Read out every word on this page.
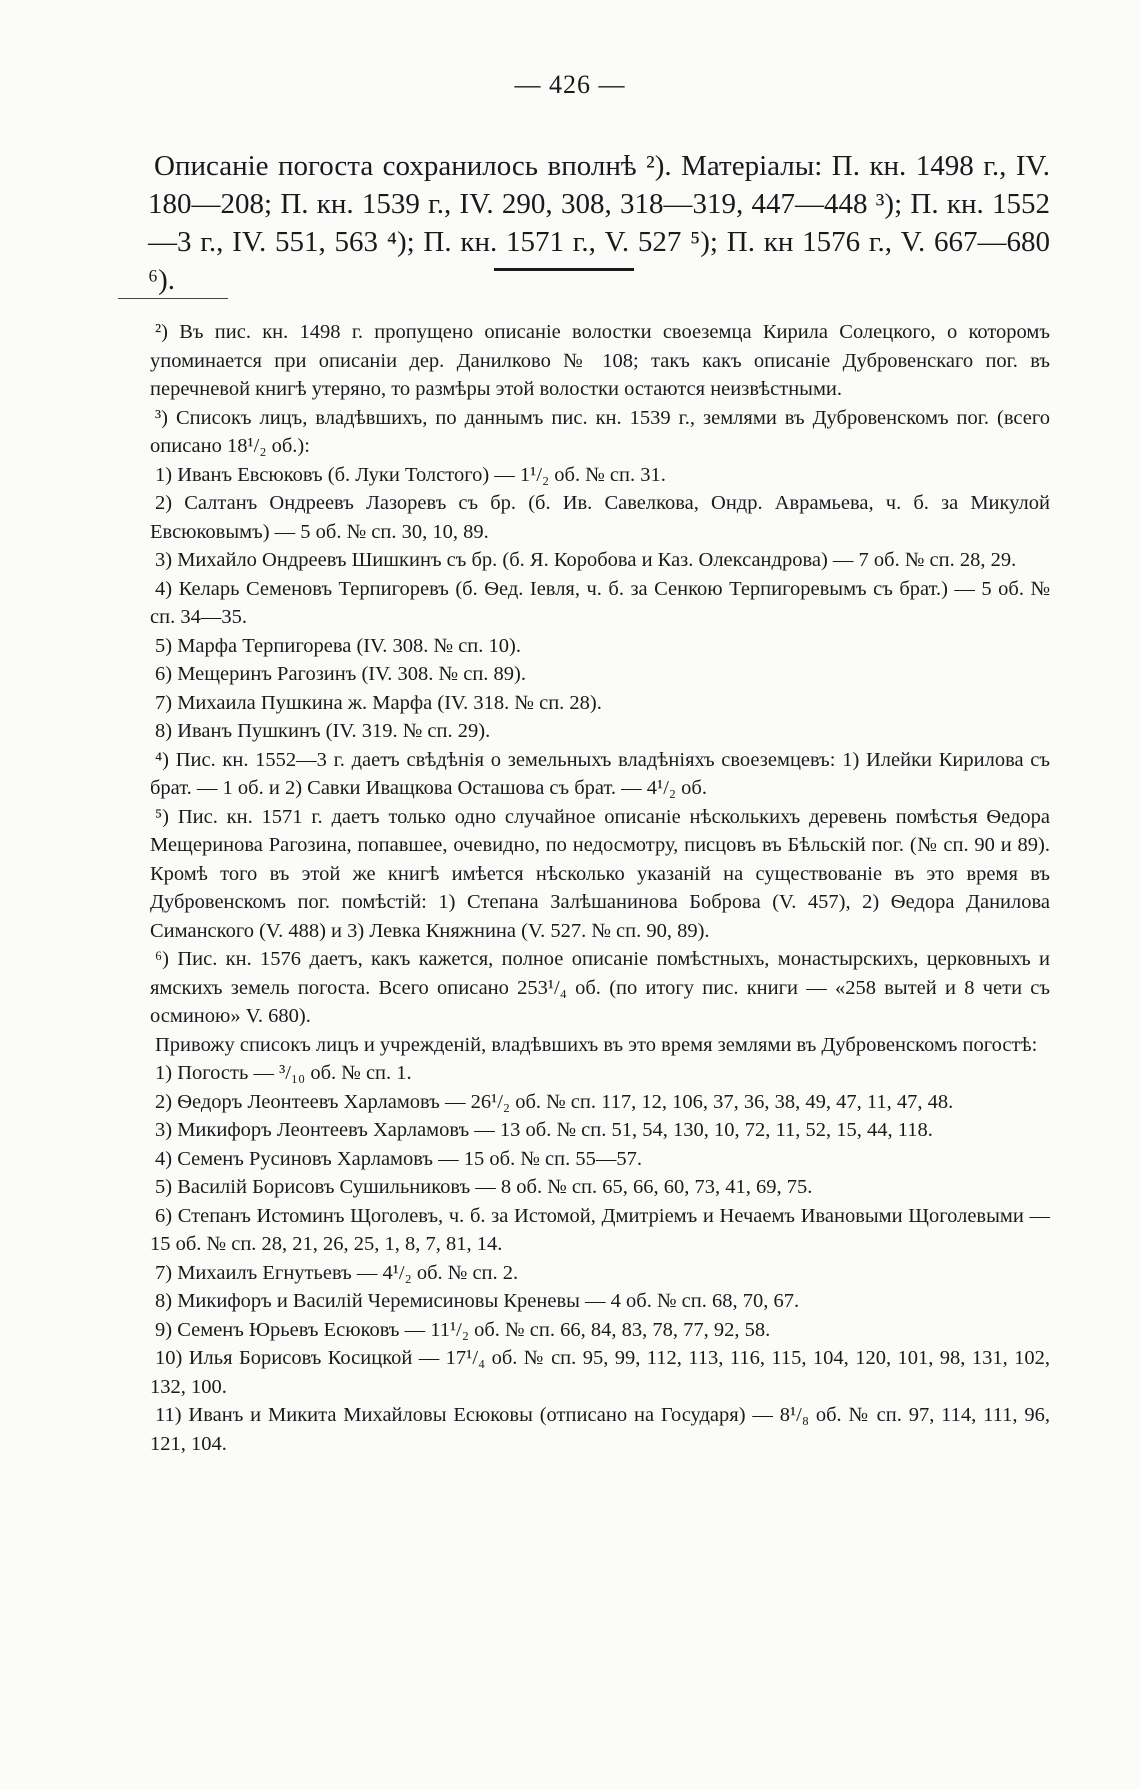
— 426 —

Описаніе погоста сохранилось вполнѣ ²). Матеріалы: П. кн. 1498 г., IV. 180—208; П. кн. 1539 г., IV. 290, 308, 318—319, 447—448 ³); П. кн. 1552—3 г., IV. 551, 563 ⁴); П. кн. 1571 г., V. 527 ⁵); П. кн 1576 г., V. 667—680 ⁶).

²) Въ пис. кн. 1498 г. пропущено описаніе волостки своеземца Кирила Солецкого, о которомъ упоминается при описаніи дер. Данилково № 108; такъ какъ описаніе Дубровенскаго пог. въ перечневой книгѣ утеряно, то размѣры этой волостки остаются неизвѣстными.

³) Списокъ лицъ, владѣвшихъ, по даннымъ пис. кн. 1539 г., землями въ Дубровенскомъ пог. (всего описано 18¹/₂ об.):

1) Иванъ Евсюковъ (б. Луки Толстого) — 1¹/₂ об. № сп. 31.

2) Салтанъ Ондреевъ Лазоревъ съ бр. (б. Ив. Савелкова, Ондр. Аврамьева, ч. б. за Микулой Евсюковымъ) — 5 об. № сп. 30, 10, 89.

3) Михайло Ондреевъ Шишкинъ съ бр. (б. Я. Коробова и Каз. Олександрова) — 7 об. № сп. 28, 29.

4) Келарь Семеновъ Терпигоревъ (б. Ѳед. Іевля, ч. б. за Сенкою Терпигоревымъ съ брат.) — 5 об. № сп. 34—35.

5) Марфа Терпигорева (IV. 308. № сп. 10).

6) Мещеринъ Рагозинъ (IV. 308. № сп. 89).

7) Михаила Пушкина ж. Марфа (IV. 318. № сп. 28).

8) Иванъ Пушкинъ (IV. 319. № сп. 29).

⁴) Пис. кн. 1552—3 г. даетъ свѣдѣнія о земельныхъ владѣніяхъ своеземцевъ: 1) Илейки Кирилова съ брат. — 1 об. и 2) Савки Иващкова Осташова съ брат. — 4¹/₂ об.

⁵) Пис. кн. 1571 г. даетъ только одно случайное описаніе нѣсколькихъ деревень помѣстья Ѳедора Мещеринова Рагозина, попавшее, очевидно, по недосмотру, писцовъ въ Бѣльскій пог. (№ сп. 90 и 89). Кромѣ того въ этой же книгѣ имѣется нѣсколько указаній на существованіе въ это время въ Дубровенскомъ пог. помѣстій: 1) Степана Залѣшанинова Боброва (V. 457), 2) Ѳедора Данилова Симанского (V. 488) и 3) Левка Княжнина (V. 527. № сп. 90, 89).

⁶) Пис. кн. 1576 даетъ, какъ кажется, полное описаніе помѣстныхъ, монастырскихъ, церковныхъ и ямскихъ земель погоста. Всего описано 253¹/₄ об. (по итогу пис. книги — «258 вытей и 8 чети съ осминою» V. 680).

Привожу списокъ лицъ и учрежденій, владѣвшихъ въ это время землями въ Дубровенскомъ погостѣ:

1) Погость — ³/₁₀ об. № сп. 1.

2) Ѳедоръ Леонтеевъ Харламовъ — 26¹/₂ об. № сп. 117, 12, 106, 37, 36, 38, 49, 47, 11, 47, 48.

3) Микифоръ Леонтеевъ Харламовъ — 13 об. № сп. 51, 54, 130, 10, 72, 11, 52, 15, 44, 118.

4) Семенъ Русиновъ Харламовъ — 15 об. № сп. 55—57.

5) Василій Борисовъ Сушильниковъ — 8 об. № сп. 65, 66, 60, 73, 41, 69, 75.

6) Степанъ Истоминъ Щоголевъ, ч. б. за Истомой, Дмитріемъ и Нечаемъ Ивановыми Щоголевыми — 15 об. № сп. 28, 21, 26, 25, 1, 8, 7, 81, 14.

7) Михаилъ Егнутьевъ — 4¹/₂ об. № сп. 2.

8) Микифоръ и Василій Черемисиновы Креневы — 4 об. № сп. 68, 70, 67.

9) Семенъ Юрьевъ Есюковъ — 11¹/₂ об. № сп. 66, 84, 83, 78, 77, 92, 58.

10) Илья Борисовъ Косицкой — 17¹/₄ об. № сп. 95, 99, 112, 113, 116, 115, 104, 120, 101, 98, 131, 102, 132, 100.

11) Иванъ и Микита Михайловы Есюковы (отписано на Государя) — 8¹/₈ об. № сп. 97, 114, 111, 96, 121, 104.
